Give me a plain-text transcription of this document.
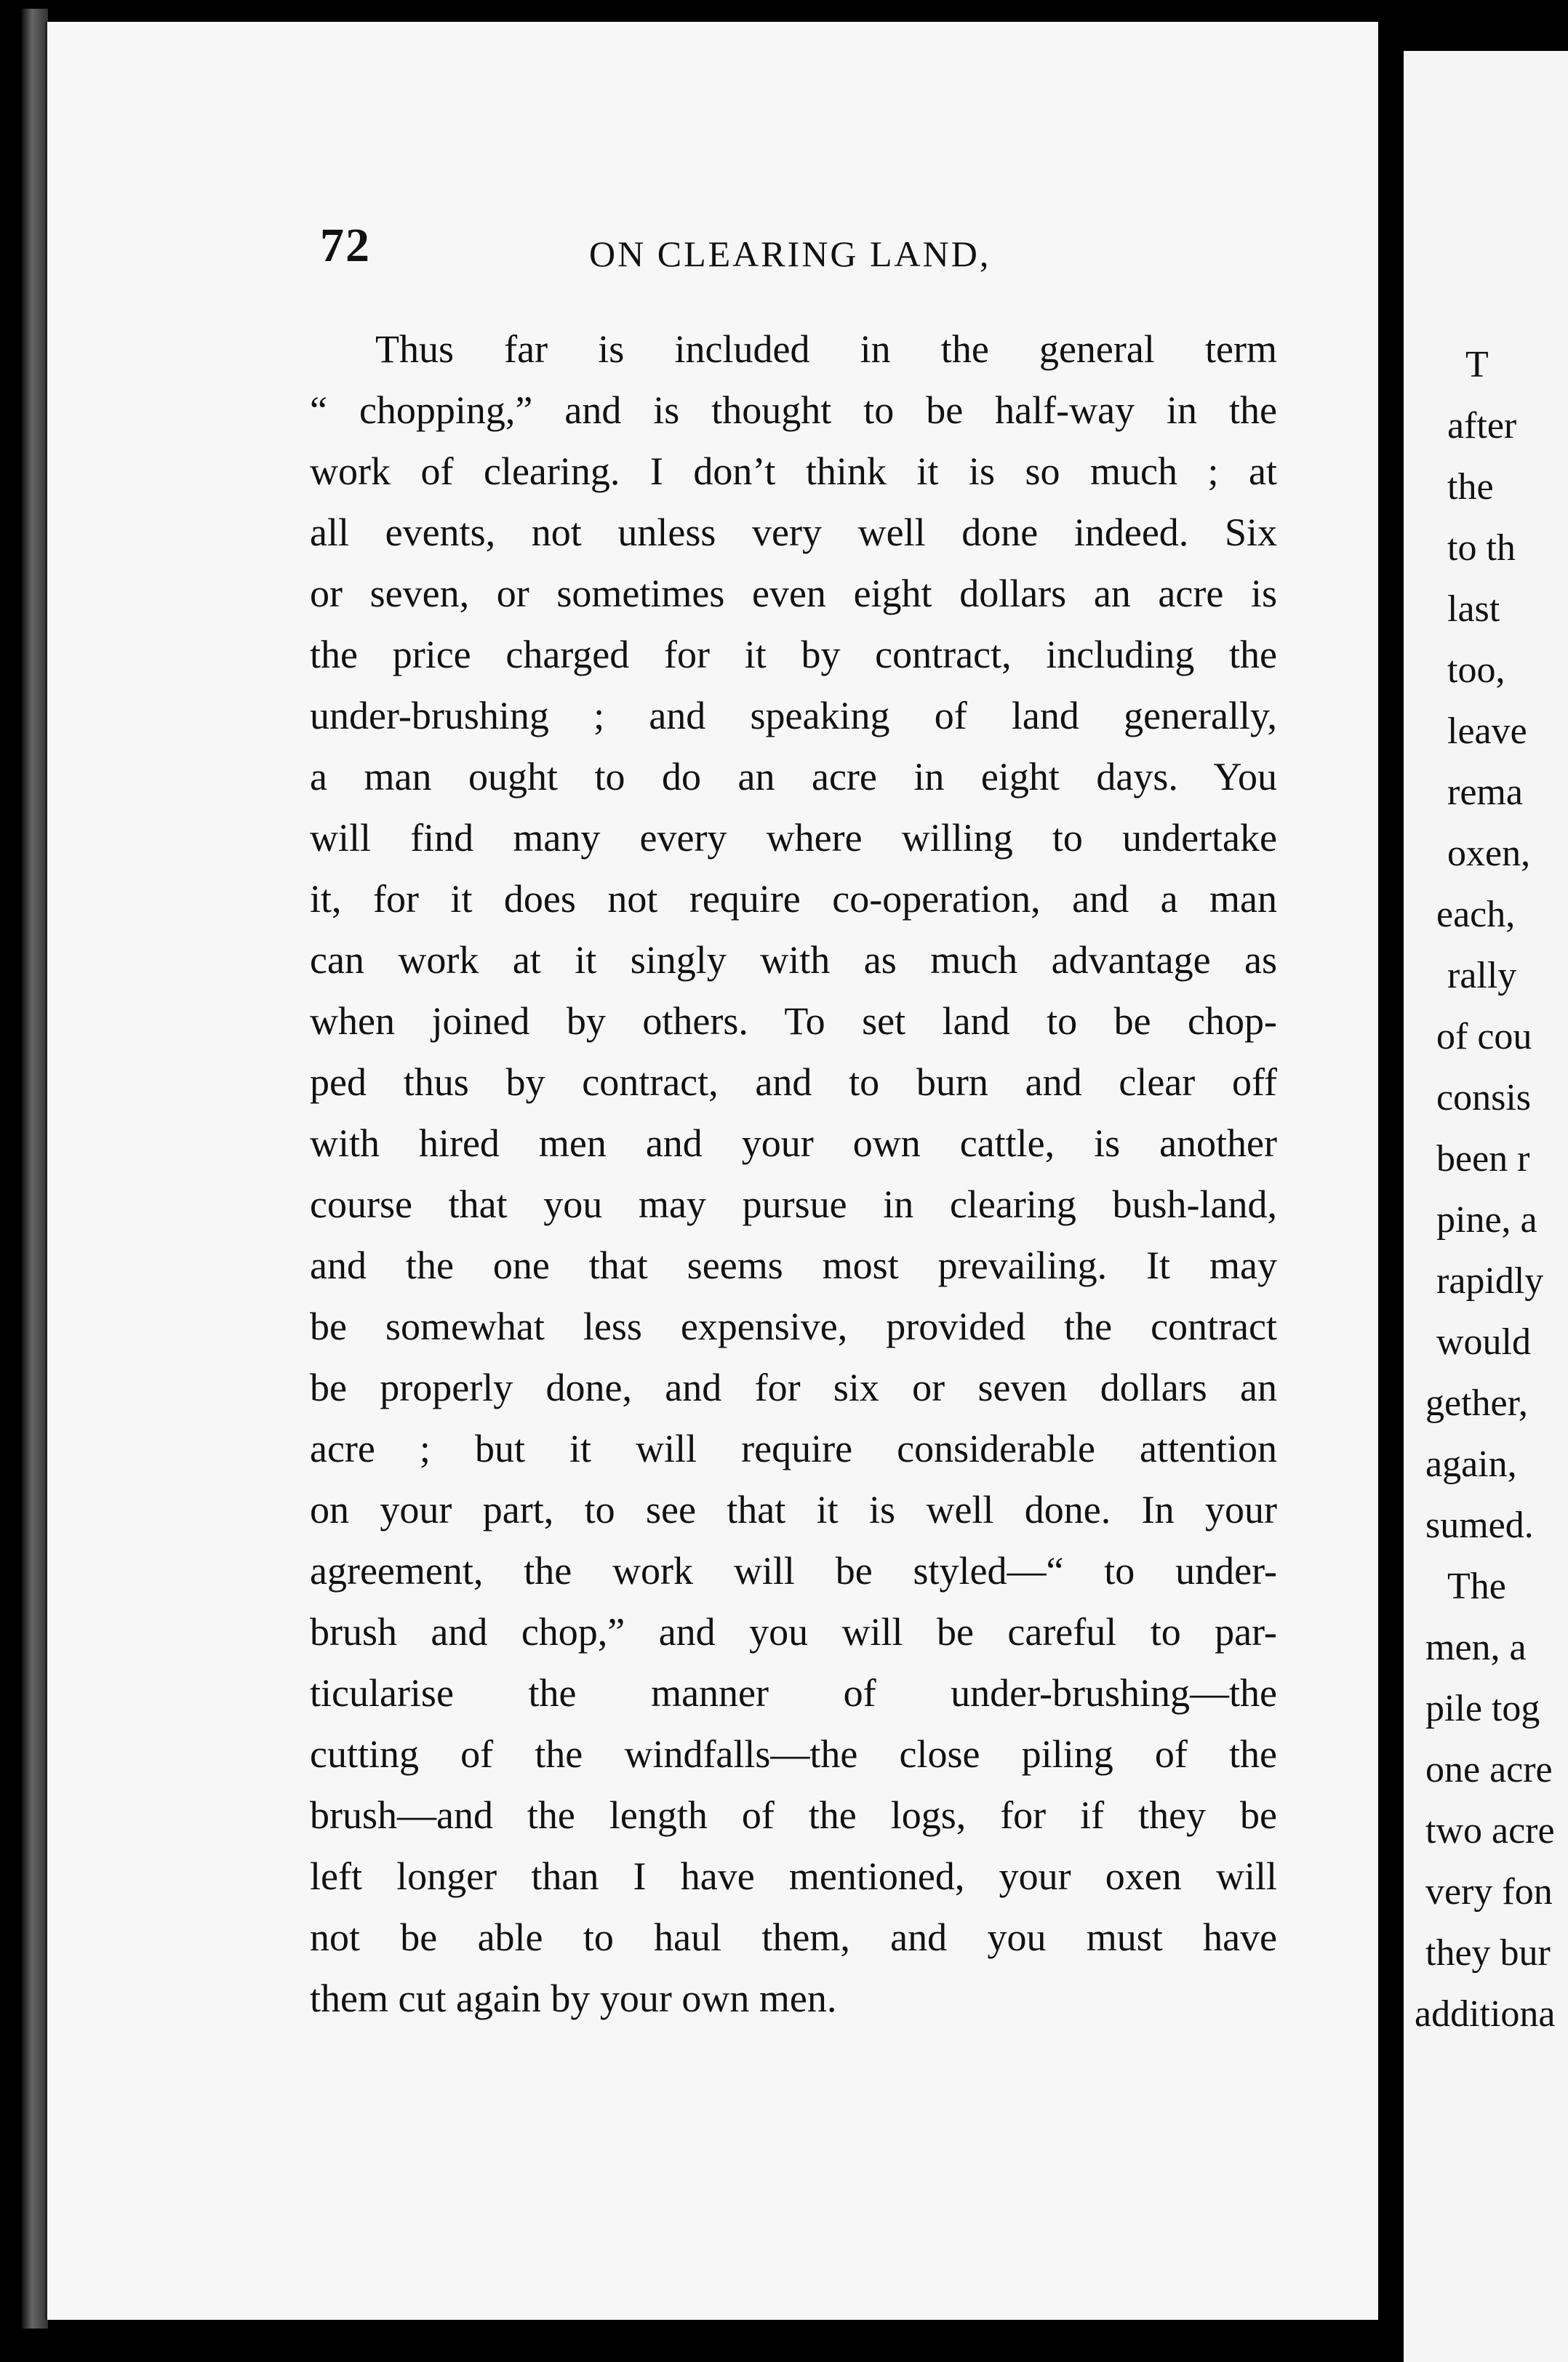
72	ON CLEARING LAND,
Thus far is included in the general term
“ chopping,” and is thought to be half-way in the
work of clearing. I don’t think it is so much ; at
all events, not unless very well done indeed. Six
or seven, or sometimes even eight dollars an acre is
the price charged for it by contract, including the
under-brushing ; and speaking of land generally,
a man ought to do an acre in eight days. You
will find many every where willing to undertake
it, for it does not require co-operation, and a man
can work at it singly with as much advantage as
when joined by others. To set land to be chop-
ped thus by contract, and to burn and clear off
with hired men and your own cattle, is another
course that you may pursue in clearing bush-land,
and the one that seems most prevailing. It may
be somewhat less expensive, provided the contract
be properly done, and for six or seven dollars an
acre ; but it will require considerable attention
on your part, to see that it is well done. In your
agreement, the work will be styled—“ to under-
brush and chop,” and you will be careful to par-
ticularise the manner of under-brushing—the
cutting of the windfalls—the close piling of the
brush—and the length of the logs, for if they be
left longer than I have mentioned, your oxen will
not be able to haul them, and you must have
them cut again by your own men.
T
after
the
to th
last
too,
leave
rema
oxen,
each,
rally
of cou
consis
been r
pine, a
rapidly
would
gether,
again,
sumed.
The
men, a
pile tog
one acre
two acre
very fon
they bur
additiona
